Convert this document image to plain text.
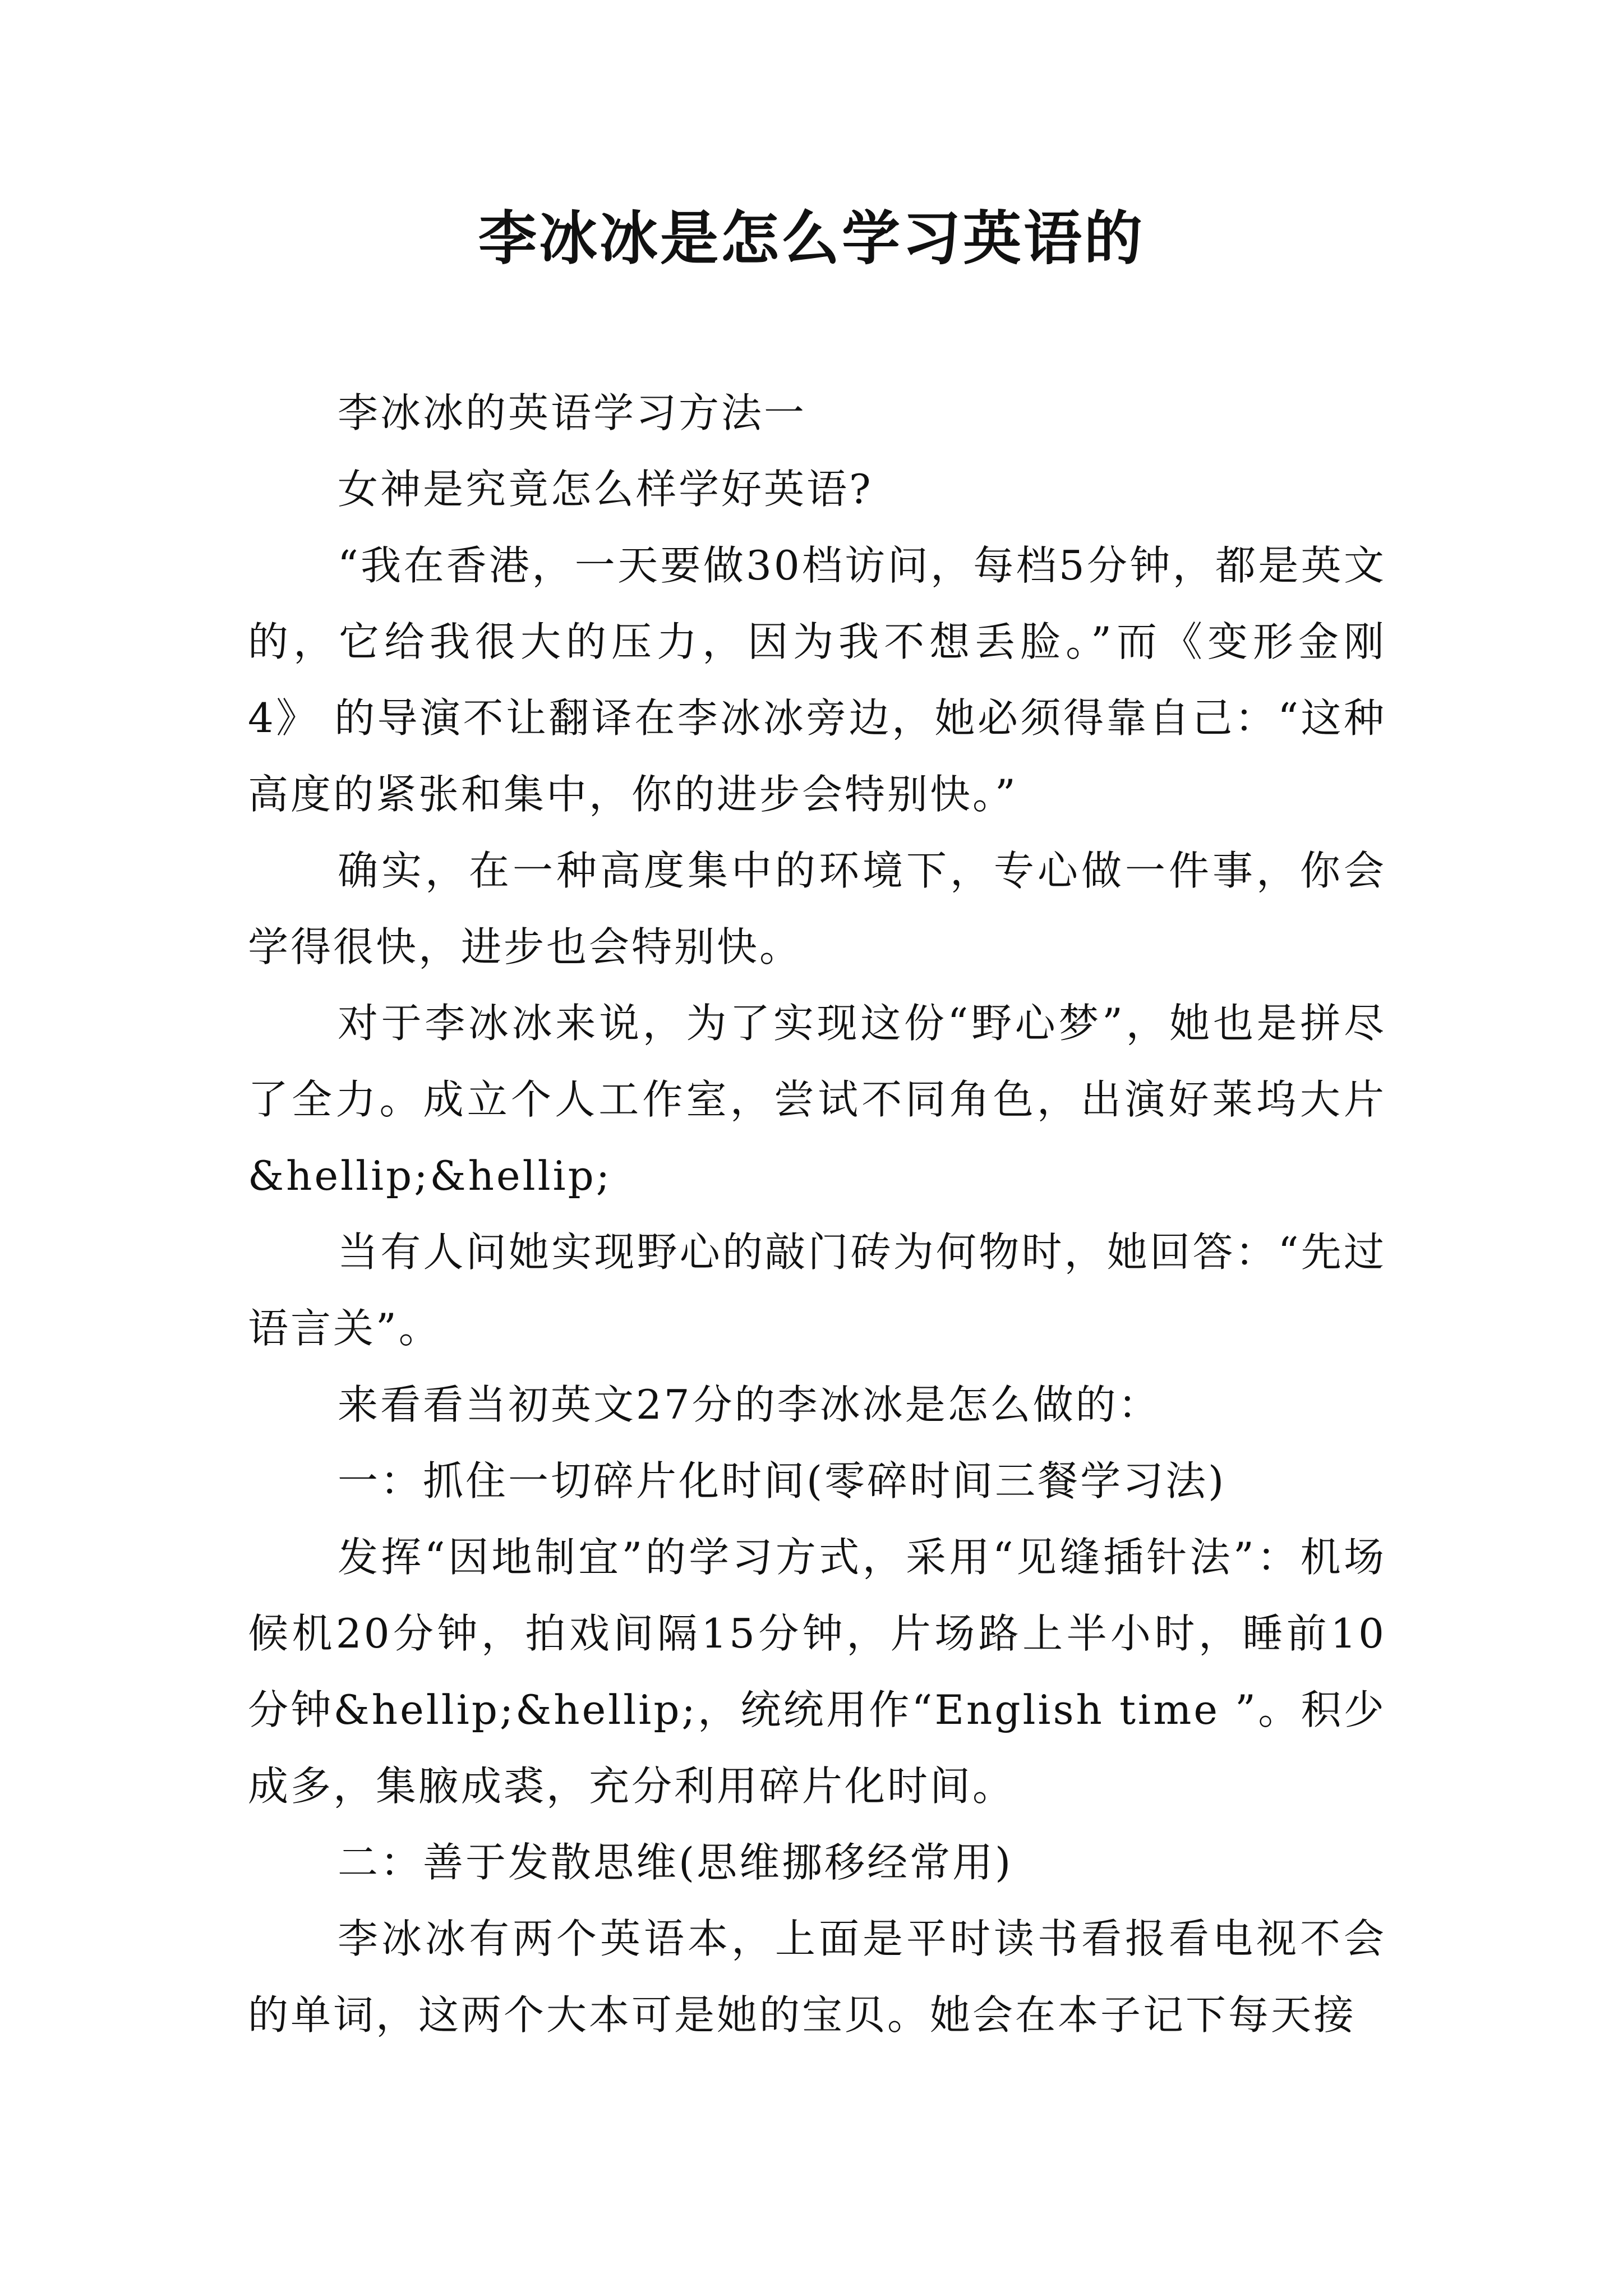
李冰冰是怎么学习英语的

李冰冰的英语学习方法一

女神是究竟怎么样学好英语?

“我在香港，一天要做30档访问，每档5分钟，都是英文的，它给我很大的压力，因为我不想丢脸。”而《变形金刚4》 的导演不让翻译在李冰冰旁边，她必须得靠自己：“这种高度的紧张和集中，你的进步会特别快。”

确实，在一种高度集中的环境下，专心做一件事，你会学得很快，进步也会特别快。

对于李冰冰来说，为了实现这份“野心梦”，她也是拼尽了全力。成立个人工作室，尝试不同角色，出演好莱坞大片&hellip;&hellip;

当有人问她实现野心的敲门砖为何物时，她回答：“先过语言关”。

来看看当初英文27分的李冰冰是怎么做的：

一：抓住一切碎片化时间(零碎时间三餐学习法)

发挥“因地制宜”的学习方式，采用“见缝插针法”：机场候机20分钟，拍戏间隔15分钟，片场路上半小时，睡前10分钟&hellip;&hellip;，统统用作“English time ”。积少成多，集腋成裘，充分利用碎片化时间。

二：善于发散思维(思维挪移经常用)

李冰冰有两个英语本，上面是平时读书看报看电视不会的单词，这两个大本可是她的宝贝。她会在本子记下每天接
